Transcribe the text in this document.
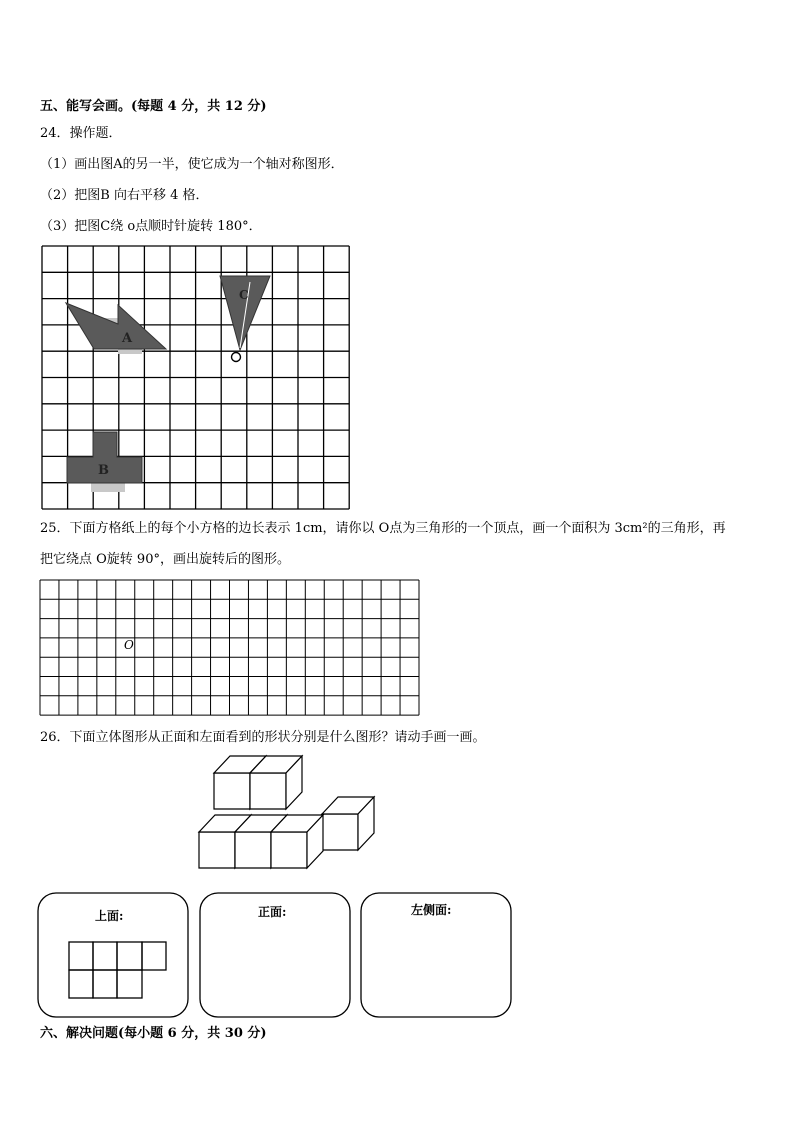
五、能写会画。(每题 4 分，共 12 分)
24．操作题．
（1）画出图A的另一半，使它成为一个轴对称图形．
（2）把图B 向右平移 4 格．
（3）把图C绕 o点顺时针旋转 180°．
A
B
C
25．下面方格纸上的每个小方格的边长表示 1cm，请你以 O点为三角形的一个顶点，画一个面积为 3cm²的三角形，再
把它绕点 O旋转 90°，画出旋转后的图形。
O
26．下面立体图形从正面和左面看到的形状分别是什么图形？请动手画一画。
上面:	正面:	左侧面:
六、解决问题(每小题 6 分，共 30 分)
